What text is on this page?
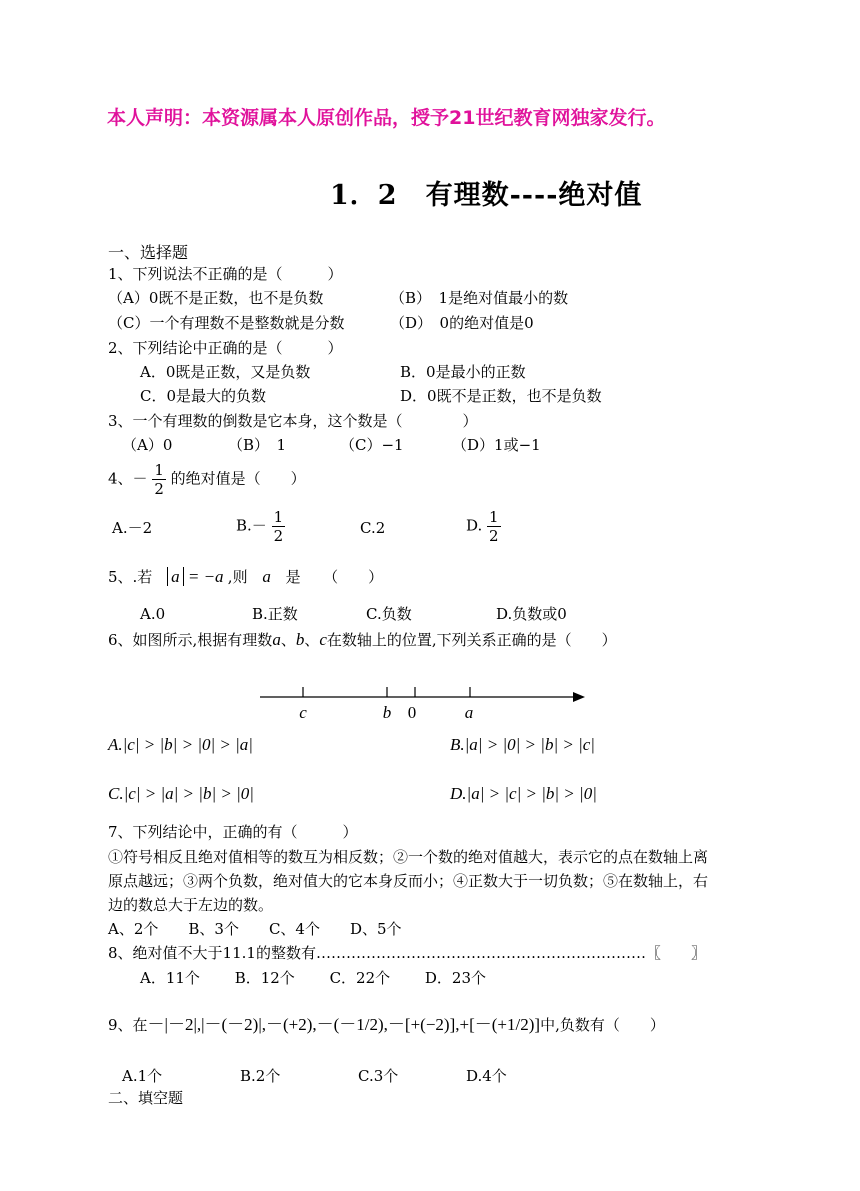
本人声明：本资源属本人原创作品，授予21世纪教育网独家发行。
1．2　有理数----绝对值
一、选择题
1、下列说法不正确的是（　　　）
（A）0既不是正数，也不是负数	（B）　1是绝对值最小的数
（C）一个有理数不是整数就是分数	（D）　0的绝对值是0
2、下列结论中正确的是（　　　）
A．0既是正数，又是负数	B．0是最小的正数
C．0是最大的负数	D．0既不是正数，也不是负数
3、一个有理数的倒数是它本身，这个数是（　　　　）
（A）0	（B）　1	（C）−1	（D）1或−1
4、－ $\frac{1}{2}$ 的绝对值是（　　）
A.－2	$B.- \frac{1}{2}$	C.2	D. $\frac{1}{2}$
5、.若 a = −a ,则 a 是　　（　　）
A.0	B.正数	C.负数	D.负数或0
6、如图所示,根据有理数a、b、c在数轴上的位置,下列关系正确的是（　　）
c	b 0	a
A.|c| > |b| > |0| > |a|	B.|a| > |0| > |b| > |c|
C.|c| > |a| > |b| > |0|	D.|a| > |c| > |b| > |0|
7、下列结论中，正确的有（　　　）
①符号相反且绝对值相等的数互为相反数；②一个数的绝对值越大，表示它的点在数轴上离
原点越远；③两个负数，绝对值大的它本身反而小；④正数大于一切负数；⑤在数轴上，右
边的数总大于左边的数。
A、2个　　B、3个　　C、4个　　D、5个
8、绝对值不大于11.1的整数有…………………………………………………………〖　　〗
A．11个　　 B．12个　　 C．22个　　 D．23个
9、在－|－2|,|－(－2)|,－(+2),－(－1/2),－[+(−2)],+[－(+1/2)]中,负数有（　　）
A.1个	B.2个	C.3个	D.4个
二、填空题
